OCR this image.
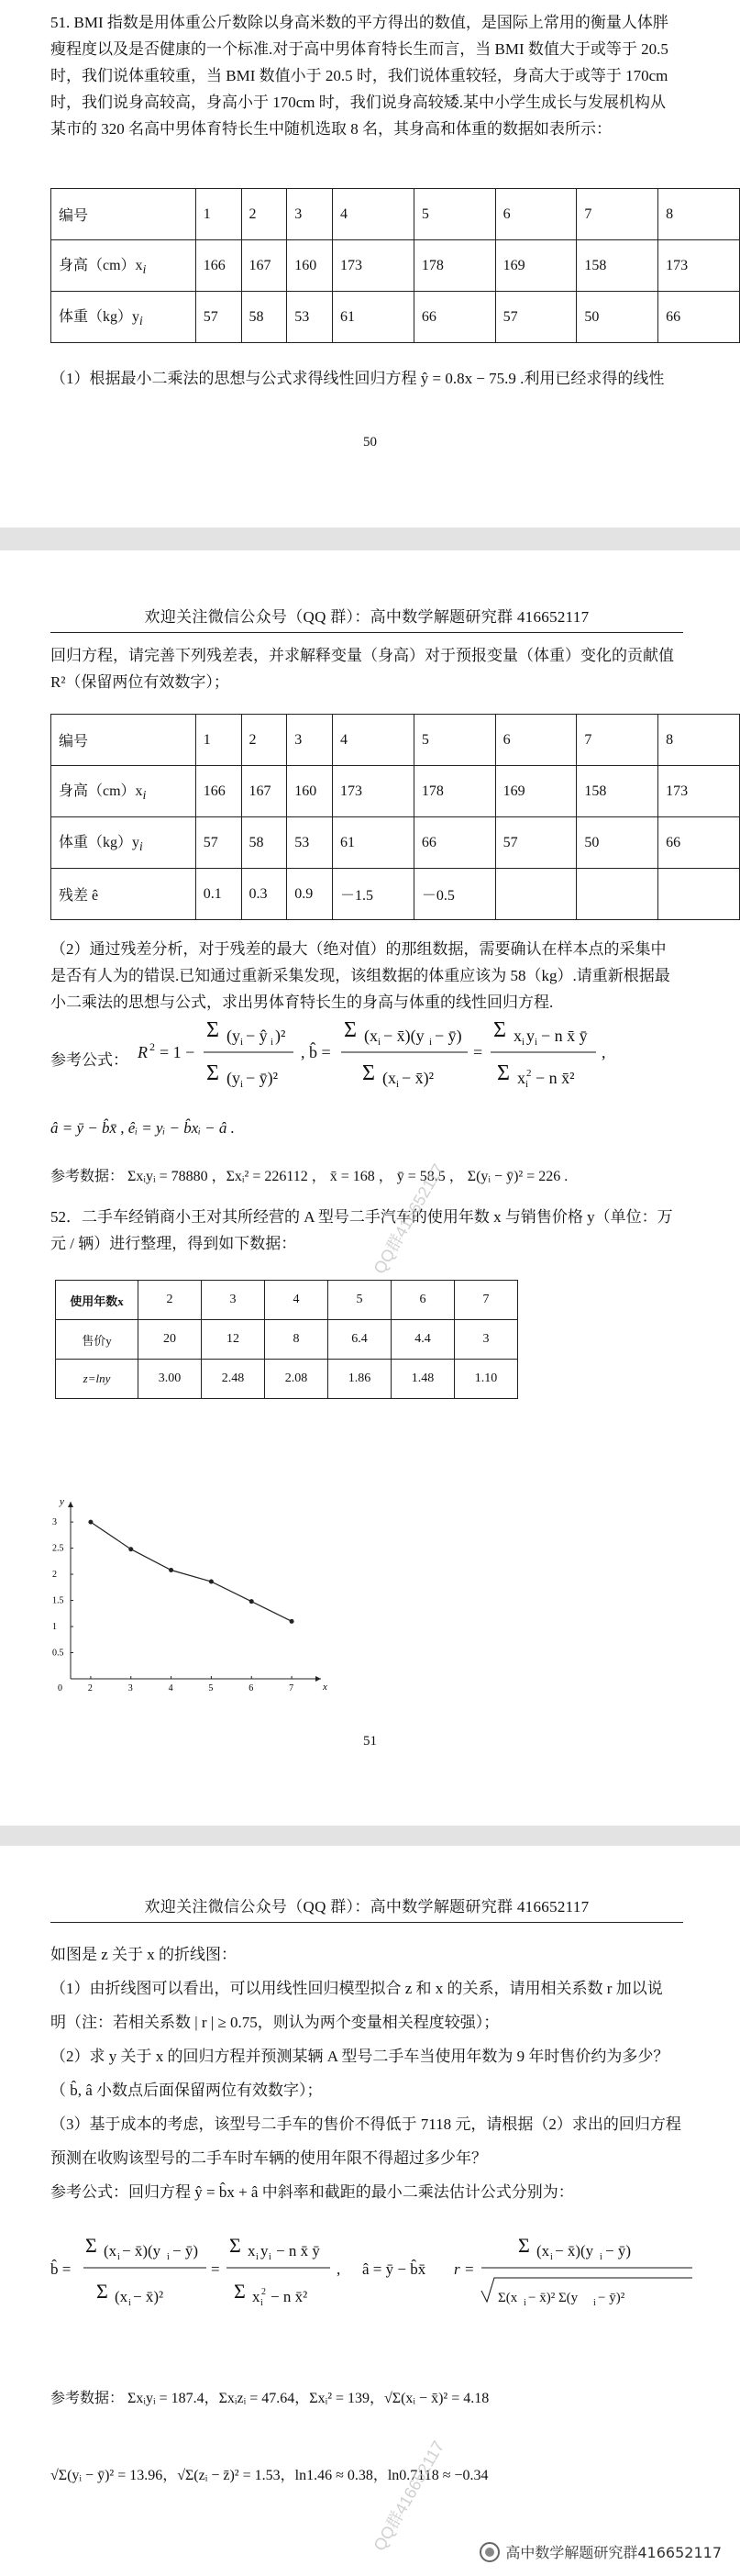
51. BMI 指数是用体重公斤数除以身高米数的平方得出的数值，是国际上常用的衡量人体胖
瘦程度以及是否健康的一个标准.对于高中男体育特长生而言，当 BMI 数值大于或等于 20.5
时，我们说体重较重，当 BMI 数值小于 20.5 时，我们说体重较轻，身高大于或等于 170cm
时，我们说身高较高，身高小于 170cm 时，我们说身高较矮.某中小学生成长与发展机构从
某市的 320 名高中男体育特长生中随机选取 8 名，其身高和体重的数据如表所示：
编号	1	2	3	4	5	6	7	8
身高$(cm)x_i$	166	167	160	173	178	169	158	173
体重$(kg)y_i$	57	58	53	61	66	57	50	66
（1）根据最小二乘法的思想与公式求得线性回归方程 ŷ = 0.8x − 75.9 .利用已经求得的线性
50
欢迎关注微信公众号（QQ 群）：高中数学解题研究群 416652117
回归方程，请完善下列残差表，并求解释变量（身高）对于预报变量（体重）变化的贡献值
R²（保留两位有效数字）；
编号	1	2	3	4	5	6	7	8
身高$(cm)x_i$	166	167	160	173	178	169	158	173
体重$(kg)y_i$	57	58	53	61	66	57	50	66
残差 ê	0.1	0.3	0.9	－1.5	－0.5			
（2）通过残差分析，对于残差的最大（绝对值）的那组数据，需要确认在样本点的采集中
是否有人为的错误.已知通过重新采集发现，该组数据的体重应该为 58（kg）.请重新根据最
小二乘法的思想与公式，求出男体育特长生的身高与体重的线性回归方程.
参考公式： R 2 = 1 −
Σ (y i − ŷ i )²
Σ (y i − ȳ)²
, b̂ =
Σ (x i − x̄)(y i − ȳ)
Σ (x i − x̄)²
=
Σ x i y i − n x̄ ȳ
Σ x i
2 − n x̄²
,
â = ȳ − b̂x̄ , êᵢ = yᵢ − b̂xᵢ − â .
参考数据： Σxᵢyᵢ = 78880 ，Σxᵢ² = 226112 ， x̄ = 168 ， ȳ = 58.5 ， Σ(yᵢ − ȳ)² = 226 .
52．二手车经销商小王对其所经营的 A 型号二手汽车的使用年数 x 与销售价格 y（单位：万
元 / 辆）进行整理，得到如下数据：
使用年数x	2	3	4	5	6	7
售价y	20	12	8	6.4	4.4	3
z=lny	3.00	2.48	2.08	1.86	1.48	1.10
x
y
2	3	4	5	6	7
0.5
1
1.5
2
2.5
3
0
51
QQ群416652117
欢迎关注微信公众号（QQ 群）：高中数学解题研究群 416652117
如图是 z 关于 x 的折线图：
（1）由折线图可以看出，可以用线性回归模型拟合 z 和 x 的关系，请用相关系数 r 加以说
明（注：若相关系数 | r | ≥ 0.75，则认为两个变量相关程度较强）；
（2）求 y 关于 x 的回归方程并预测某辆 A 型号二手车当使用年数为 9 年时售价约为多少？
（ b̂, â 小数点后面保留两位有效数字）；
（3）基于成本的考虑，该型号二手车的售价不得低于 7118 元，请根据（2）求出的回归方程
预测在收购该型号的二手车时车辆的使用年限不得超过多少年？
参考公式：回归方程 ŷ = b̂x + â 中斜率和截距的最小二乘法估计公式分别为：
b̂ =
Σ (x i − x̄)(y i − ȳ)
Σ (x i − x̄)²
=
Σ x i y i − n x̄ ȳ
Σ x i
2 − n x̄²
, â = ȳ − b̂x̄ r =
Σ (x i − x̄)(y i − ȳ)
Σ(x i − x̄)² Σ(y i − ȳ)²
参考数据： Σxᵢyᵢ = 187.4，Σxᵢzᵢ = 47.64，Σxᵢ² = 139，√Σ(xᵢ − x̄)² = 4.18
√Σ(yᵢ − ȳ)² = 13.96，√Σ(zᵢ − z̄)² = 1.53，ln1.46 ≈ 0.38，ln0.7118 ≈ −0.34
QQ群416652117	高中数学解题研究群416652117
